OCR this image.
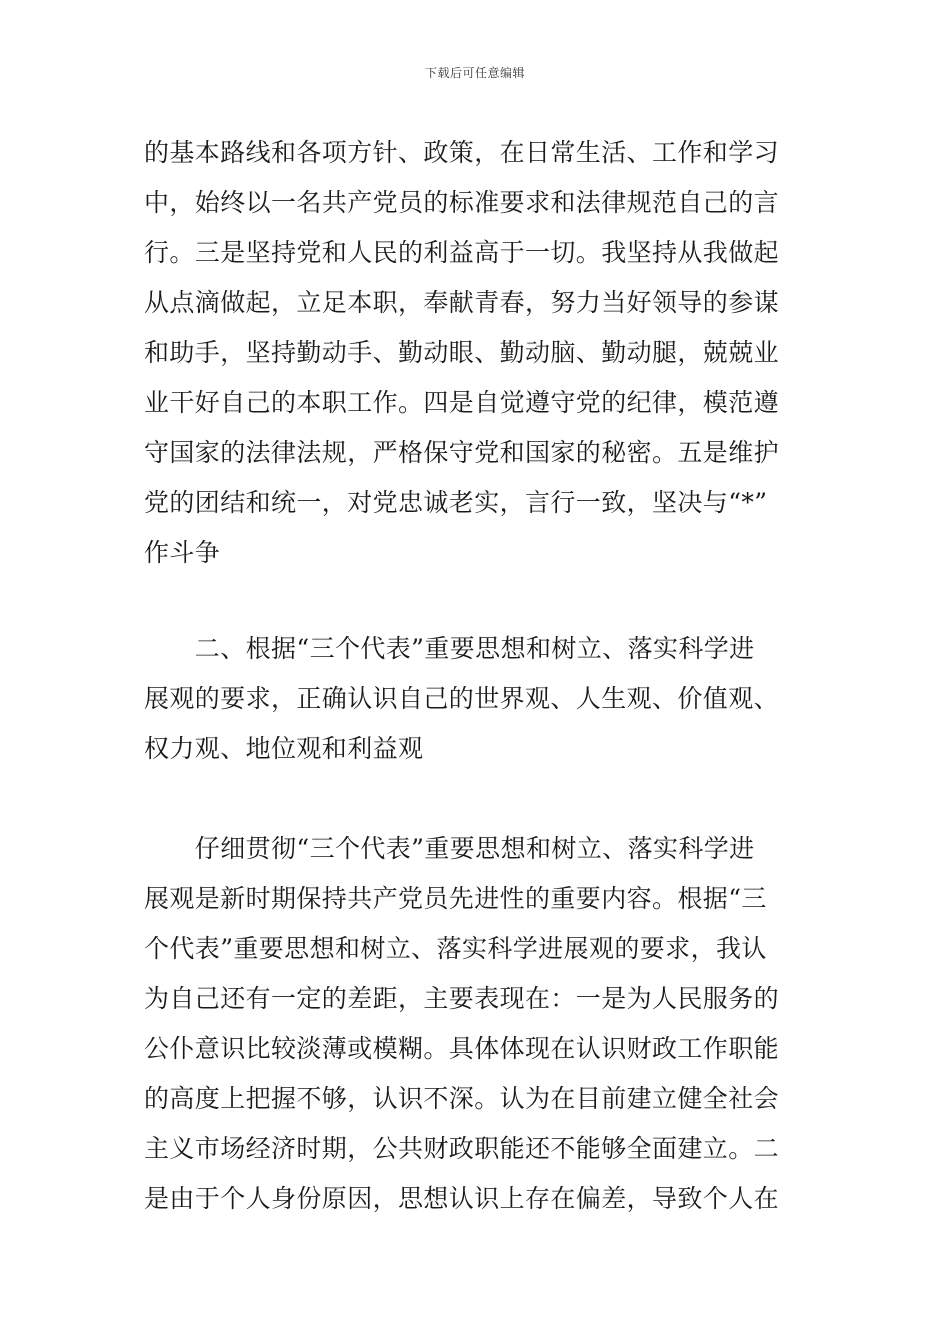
下载后可任意编辑
的基本路线和各项方针、政策，在日常生活、工作和学习
中，始终以一名共产党员的标准要求和法律规范自己的言
行。三是坚持党和人民的利益高于一切。我坚持从我做起
从点滴做起，立足本职，奉献青春，努力当好领导的参谋
和助手，坚持勤动手、勤动眼、勤动脑、勤动腿，兢兢业
业干好自己的本职工作。四是自觉遵守党的纪律，模范遵
守国家的法律法规，严格保守党和国家的秘密。五是维护
党的团结和统一，对党忠诚老实，言行一致，坚决与“*”
作斗争
　　二、根据“三个代表”重要思想和树立、落实科学进
展观的要求，正确认识自己的世界观、人生观、价值观、
权力观、地位观和利益观
　　仔细贯彻“三个代表”重要思想和树立、落实科学进
展观是新时期保持共产党员先进性的重要内容。根据“三
个代表”重要思想和树立、落实科学进展观的要求，我认
为自己还有一定的差距，主要表现在：一是为人民服务的
公仆意识比较淡薄或模糊。具体体现在认识财政工作职能
的高度上把握不够，认识不深。认为在目前建立健全社会
主义市场经济时期，公共财政职能还不能够全面建立。二
是由于个人身份原因，思想认识上存在偏差，导致个人在
